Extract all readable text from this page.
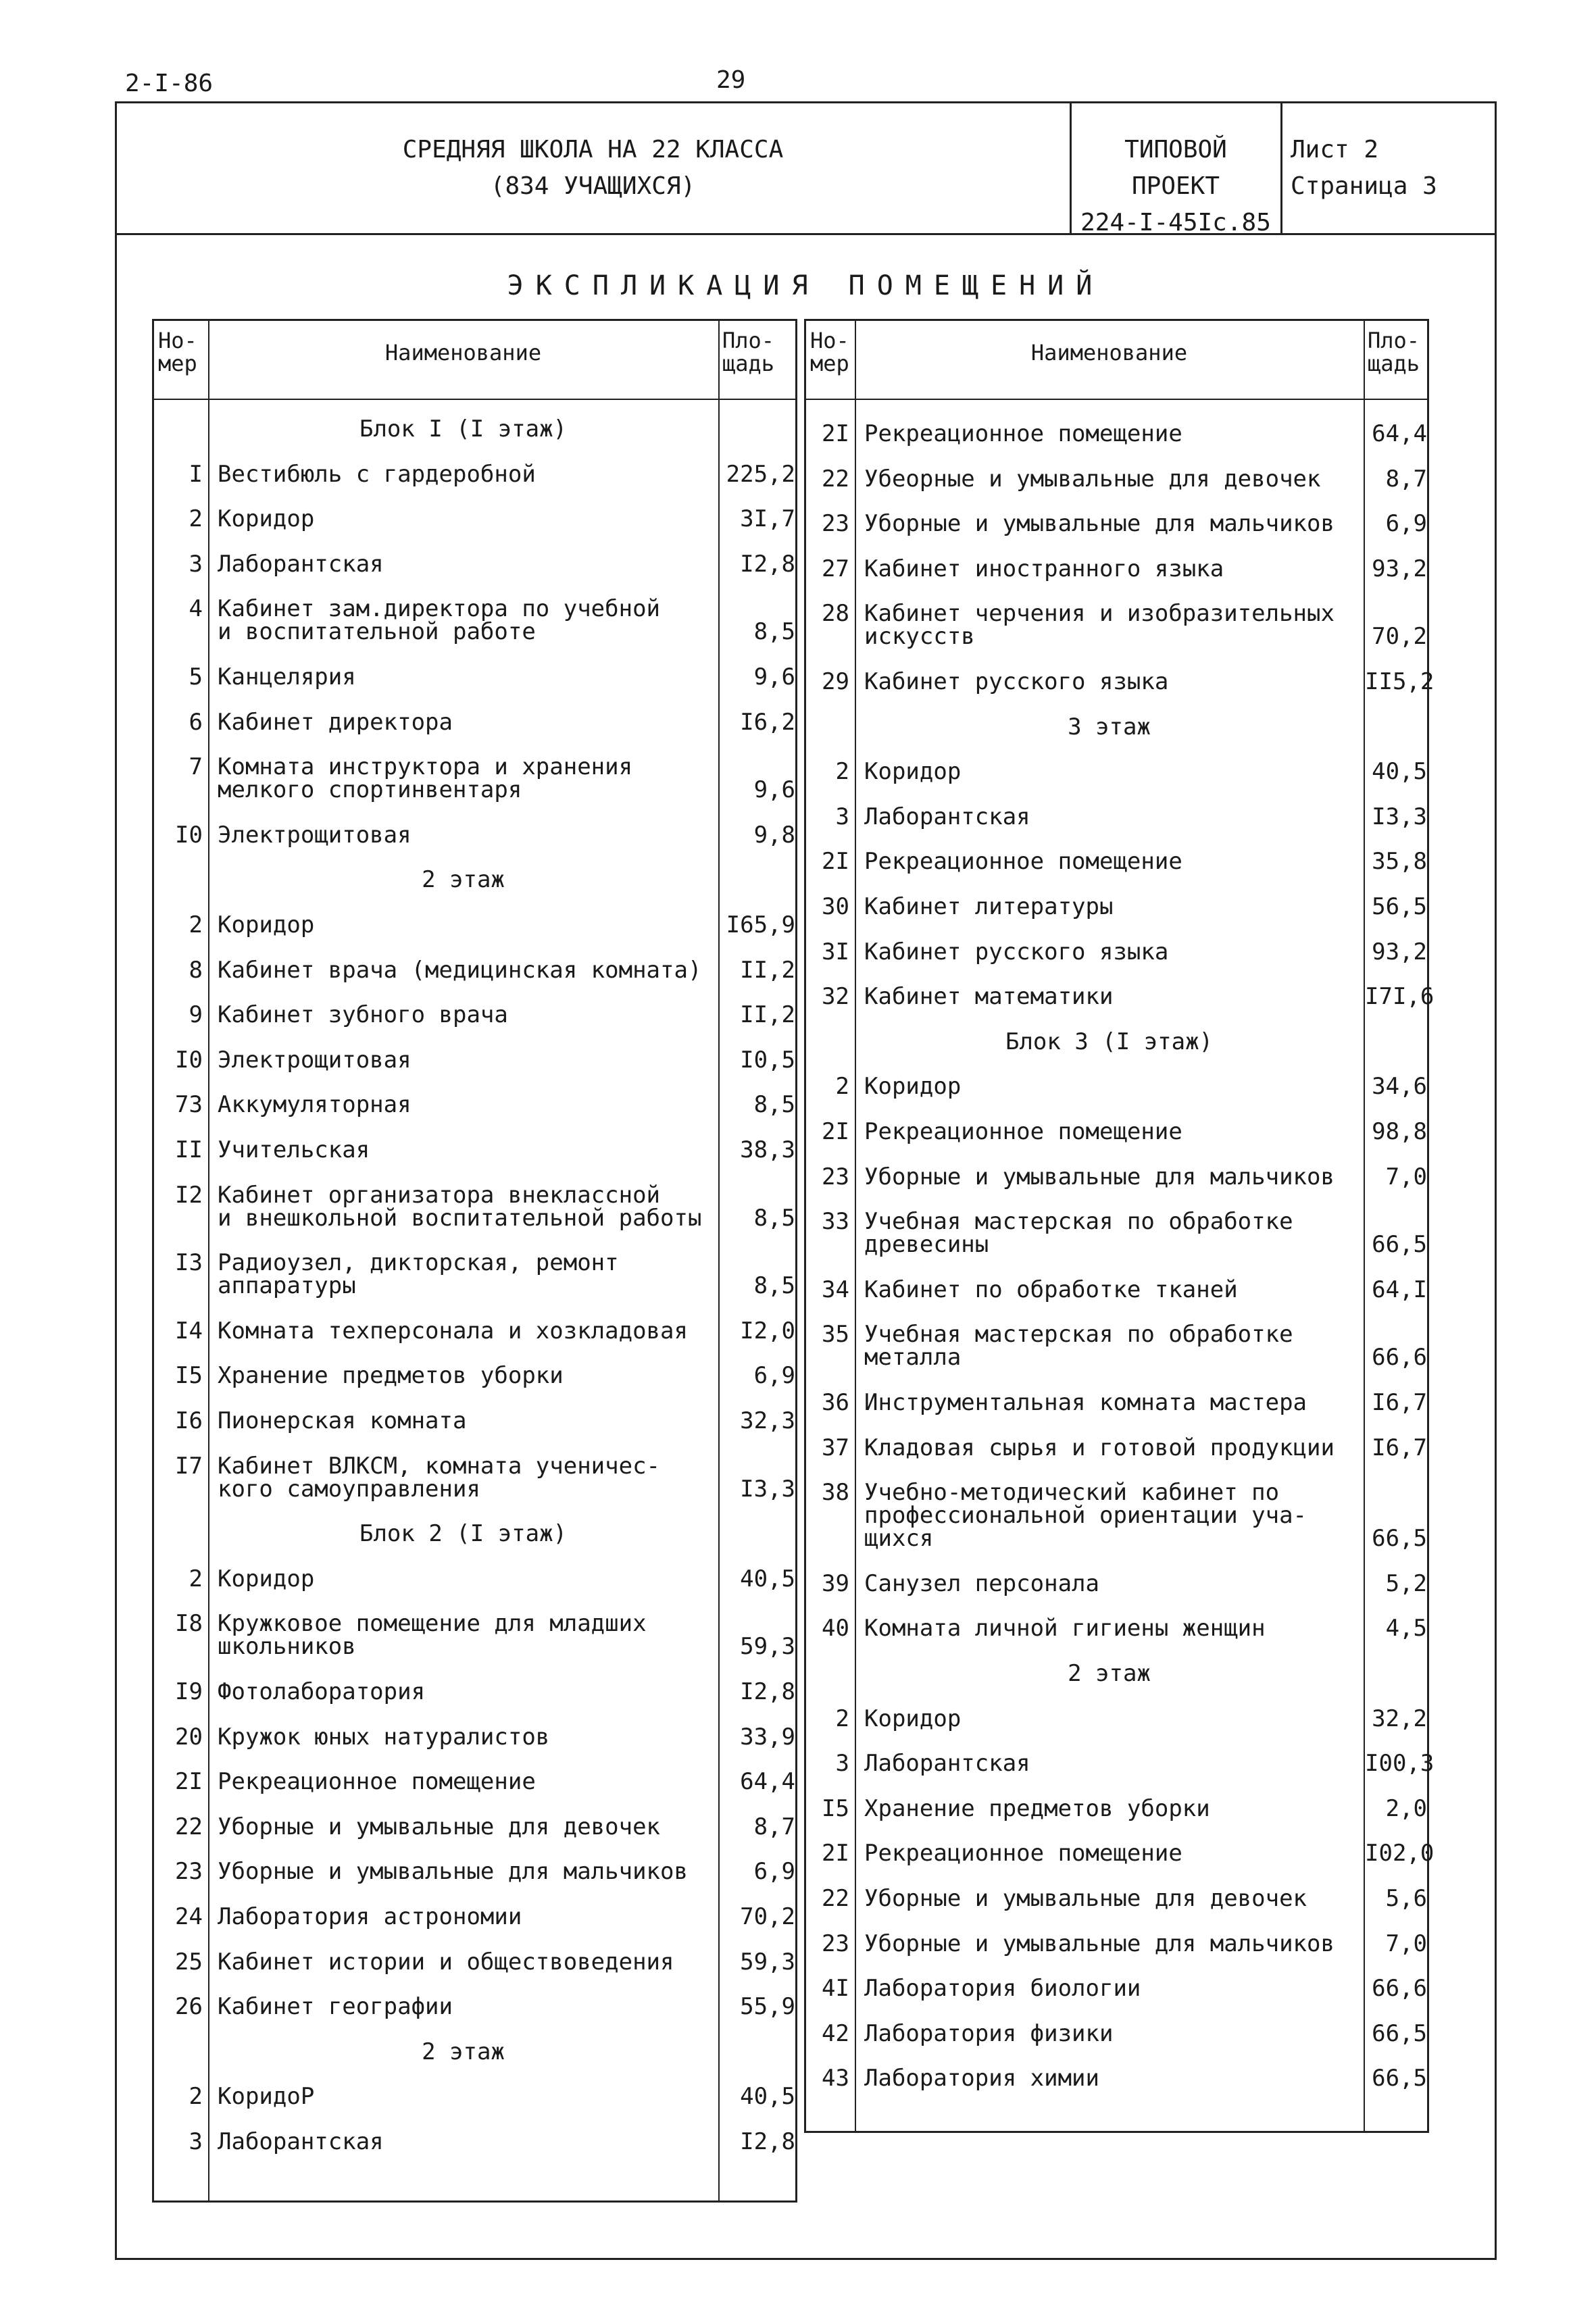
2-I-86	29
СРЕДНЯЯ ШКОЛА НА 22 КЛАССА
(834 УЧАЩИХСЯ)
ТИПОВОЙ ПРОЕКТ
224-I-45Iс.85
Лист 2
Страница 3
ЭКСПЛИКАЦИЯ ПОМЕЩЕНИЙ
Но- мер	Наименование	Пло- щадь
Блок I (I этаж)
I Вестибюль с гардеробной	225,2
2 Коридор	3I,7
3 Лаборантская	I2,8
4 Кабинет зам.директора по учебной
и воспитательной работе	8,5
5 Канцелярия	9,6
6 Кабинет директора	I6,2
7 Комната инструктора и хранения
мелкого спортинвентаря	9,6
I0 Электрощитовая	9,8
2 этаж
2 Коридор	I65,9
8 Кабинет врача (медицинская комната)	II,2
9 Кабинет зубного врача	II,2
I0 Электрощитовая	I0,5
73 Аккумуляторная	8,5
II Учительская	38,3
I2 Кабинет организатора внеклассной
и внешкольной воспитательной работы	8,5
I3 Радиоузел, дикторская, ремонт
аппаратуры	8,5
I4 Комната техперсонала и хозкладовая	I2,0
I5 Хранение предметов уборки	6,9
I6 Пионерская комната	32,3
I7 Кабинет ВЛКСМ, комната ученичес-
кого самоуправления	I3,3
Блок 2 (I этаж)
2 Коридор	40,5
I8 Кружковое помещение для младших
школьников	59,3
I9 Фотолаборатория	I2,8
20 Кружок юных натуралистов	33,9
2I Рекреационное помещение	64,4
22 Уборные и умывальные для девочек	8,7
23 Уборные и умывальные для мальчиков	6,9
24 Лаборатория астрономии	70,2
25 Кабинет истории и обществоведения	59,3
26 Кабинет географии	55,9
2 этаж
2 КоридоР	40,5
3 Лаборантская	I2,8
Но- мер	Наименование	Пло- щадь
2I Рекреационное помещение	64,4
22 Убеорные и умывальные для девочек	8,7
23 Уборные и умывальные для мальчиков	6,9
27 Кабинет иностранного языка	93,2
28 Кабинет черчения и изобразительных
искусств	70,2
29 Кабинет русского языка	II5,2
3 этаж
2 Коридор	40,5
3 Лаборантская	I3,3
2I Рекреационное помещение	35,8
30 Кабинет литературы	56,5
3I Кабинет русского языка	93,2
32 Кабинет математики	I7I,6
Блок 3 (I этаж)
2 Коридор	34,6
2I Рекреационное помещение	98,8
23 Уборные и умывальные для мальчиков	7,0
33 Учебная мастерская по обработке
древесины	66,5
34 Кабинет по обработке тканей	64,I
35 Учебная мастерская по обработке
металла	66,6
36 Инструментальная комната мастера	I6,7
37 Кладовая сырья и готовой продукции	I6,7
38 Учебно-методический кабинет по
профессиональной ориентации уча-
щихся	66,5
39 Санузел персонала	5,2
40 Комната личной гигиены женщин	4,5
2 этаж
2 Коридор	32,2
3 Лаборантская	I00,3
I5 Хранение предметов уборки	2,0
2I Рекреационное помещение	I02,0
22 Уборные и умывальные для девочек	5,6
23 Уборные и умывальные для мальчиков	7,0
4I Лаборатория биологии	66,6
42 Лаборатория физики	66,5
43 Лаборатория химии	66,5
